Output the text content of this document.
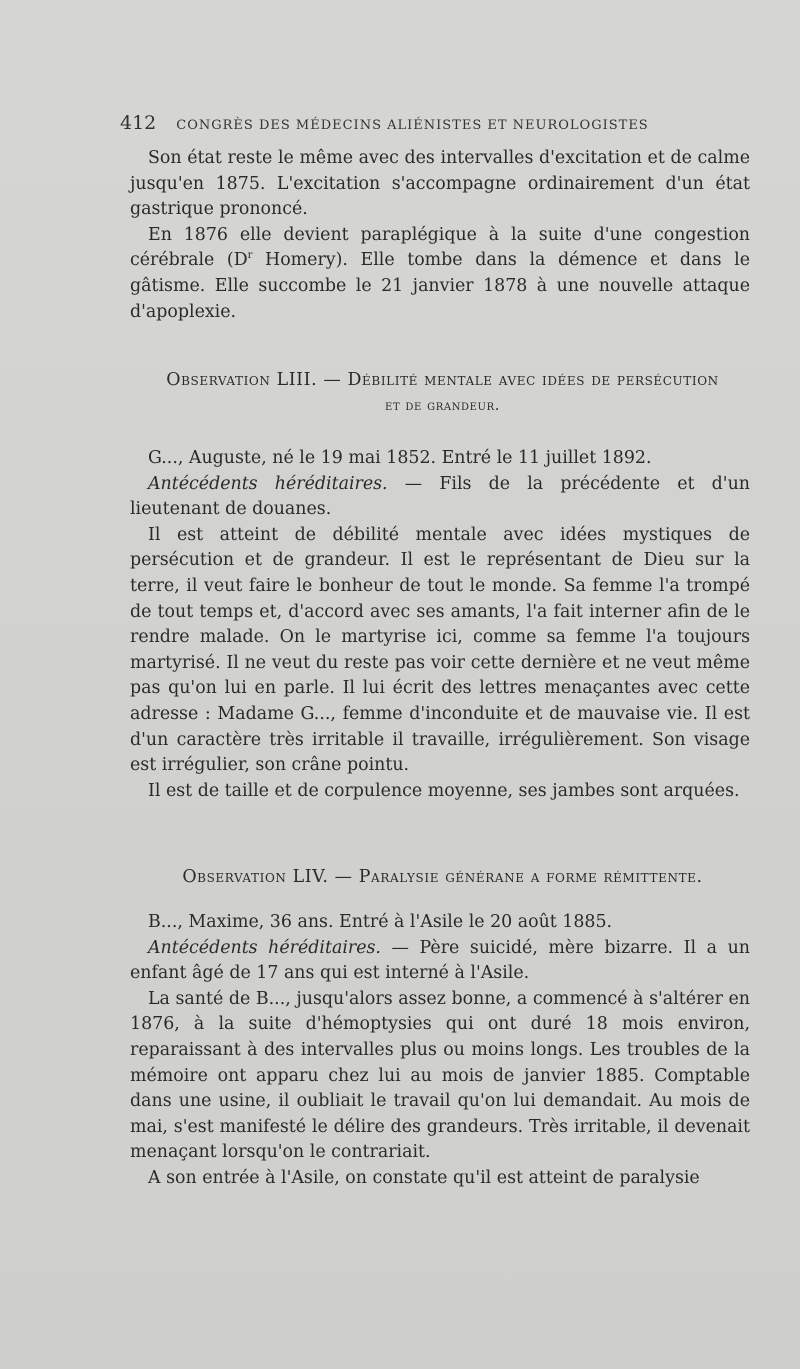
412 CONGRÈS DES MÉDECINS ALIÉNISTES ET NEUROLOGISTES

Son état reste le même avec des intervalles d'excitation et de calme jusqu'en 1875. L'excitation s'accompagne ordinairement d'un état gastrique prononcé.

En 1876 elle devient paraplégique à la suite d'une congestion cérébrale ($D^r$ Homery). Elle tombe dans la démence et dans le gâtisme. Elle succombe le 21 janvier 1878 à une nouvelle attaque d'apoplexie.

Observation LIII. — Débilité mentale avec idées de persécution
et de grandeur.

G..., Auguste, né le 19 mai 1852. Entré le 11 juillet 1892.

Antécédents héréditaires. — Fils de la précédente et d'un lieutenant de douanes.

Il est atteint de débilité mentale avec idées mystiques de persécution et de grandeur. Il est le représentant de Dieu sur la terre, il veut faire le bonheur de tout le monde. Sa femme l'a trompé de tout temps et, d'accord avec ses amants, l'a fait interner afin de le rendre malade. On le martyrise ici, comme sa femme l'a toujours martyrisé. Il ne veut du reste pas voir cette dernière et ne veut même pas qu'on lui en parle. Il lui écrit des lettres menaçantes avec cette adresse : Madame G..., femme d'inconduite et de mauvaise vie. Il est d'un caractère très irritable il travaille, irrégulièrement. Son visage est irrégulier, son crâne pointu.

Il est de taille et de corpulence moyenne, ses jambes sont arquées.

Observation LIV. — Paralysie générane a forme rémittente.

B..., Maxime, 36 ans. Entré à l'Asile le 20 août 1885.

Antécédents héréditaires. — Père suicidé, mère bizarre. Il a un enfant âgé de 17 ans qui est interné à l'Asile.

La santé de B..., jusqu'alors assez bonne, a commencé à s'altérer en 1876, à la suite d'hémoptysies qui ont duré 18 mois environ, reparaissant à des intervalles plus ou moins longs. Les troubles de la mémoire ont apparu chez lui au mois de janvier 1885. Comptable dans une usine, il oubliait le travail qu'on lui demandait. Au mois de mai, s'est manifesté le délire des grandeurs. Très irritable, il devenait menaçant lorsqu'on le contrariait.

A son entrée à l'Asile, on constate qu'il est atteint de paralysie
